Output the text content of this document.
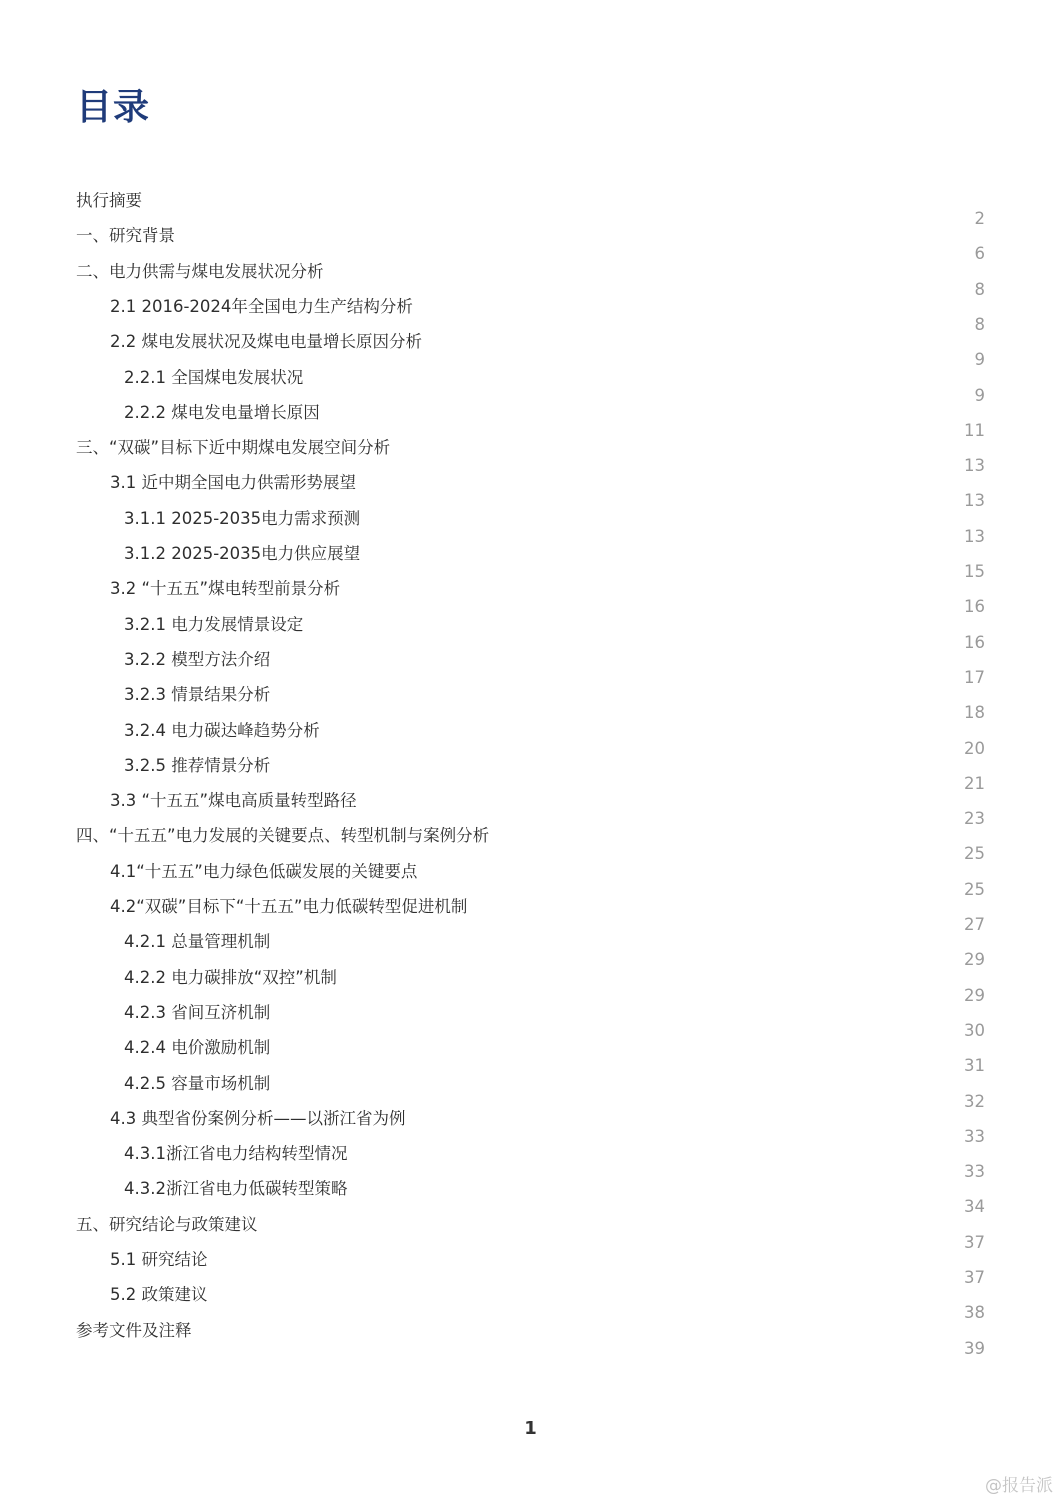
目录
执行摘要
一、研究背景
二、电力供需与煤电发展状况分析
2.1 2016-2024年全国电力生产结构分析
2.2 煤电发展状况及煤电电量增长原因分析
2.2.1 全国煤电发展状况
2.2.2 煤电发电量增长原因
三、“双碳”目标下近中期煤电发展空间分析
3.1 近中期全国电力供需形势展望
3.1.1 2025-2035电力需求预测
3.1.2 2025-2035电力供应展望
3.2 “十五五”煤电转型前景分析
3.2.1 电力发展情景设定
3.2.2 模型方法介绍
3.2.3 情景结果分析
3.2.4 电力碳达峰趋势分析
3.2.5 推荐情景分析
3.3 “十五五”煤电高质量转型路径
四、“十五五”电力发展的关键要点、转型机制与案例分析
4.1“十五五”电力绿色低碳发展的关键要点
4.2“双碳”目标下“十五五”电力低碳转型促进机制
4.2.1 总量管理机制
4.2.2 电力碳排放“双控”机制
4.2.3 省间互济机制
4.2.4 电价激励机制
4.2.5 容量市场机制
4.3 典型省份案例分析——以浙江省为例
4.3.1浙江省电力结构转型情况
4.3.2浙江省电力低碳转型策略
五、研究结论与政策建议
5.1 研究结论
5.2 政策建议
参考文件及注释
2
6
8
8
9
9
11
13
13
13
15
16
16
17
18
20
21
23
25
25
27
29
29
30
31
32
33
33
34
37
37
38
39
1
@报告派
